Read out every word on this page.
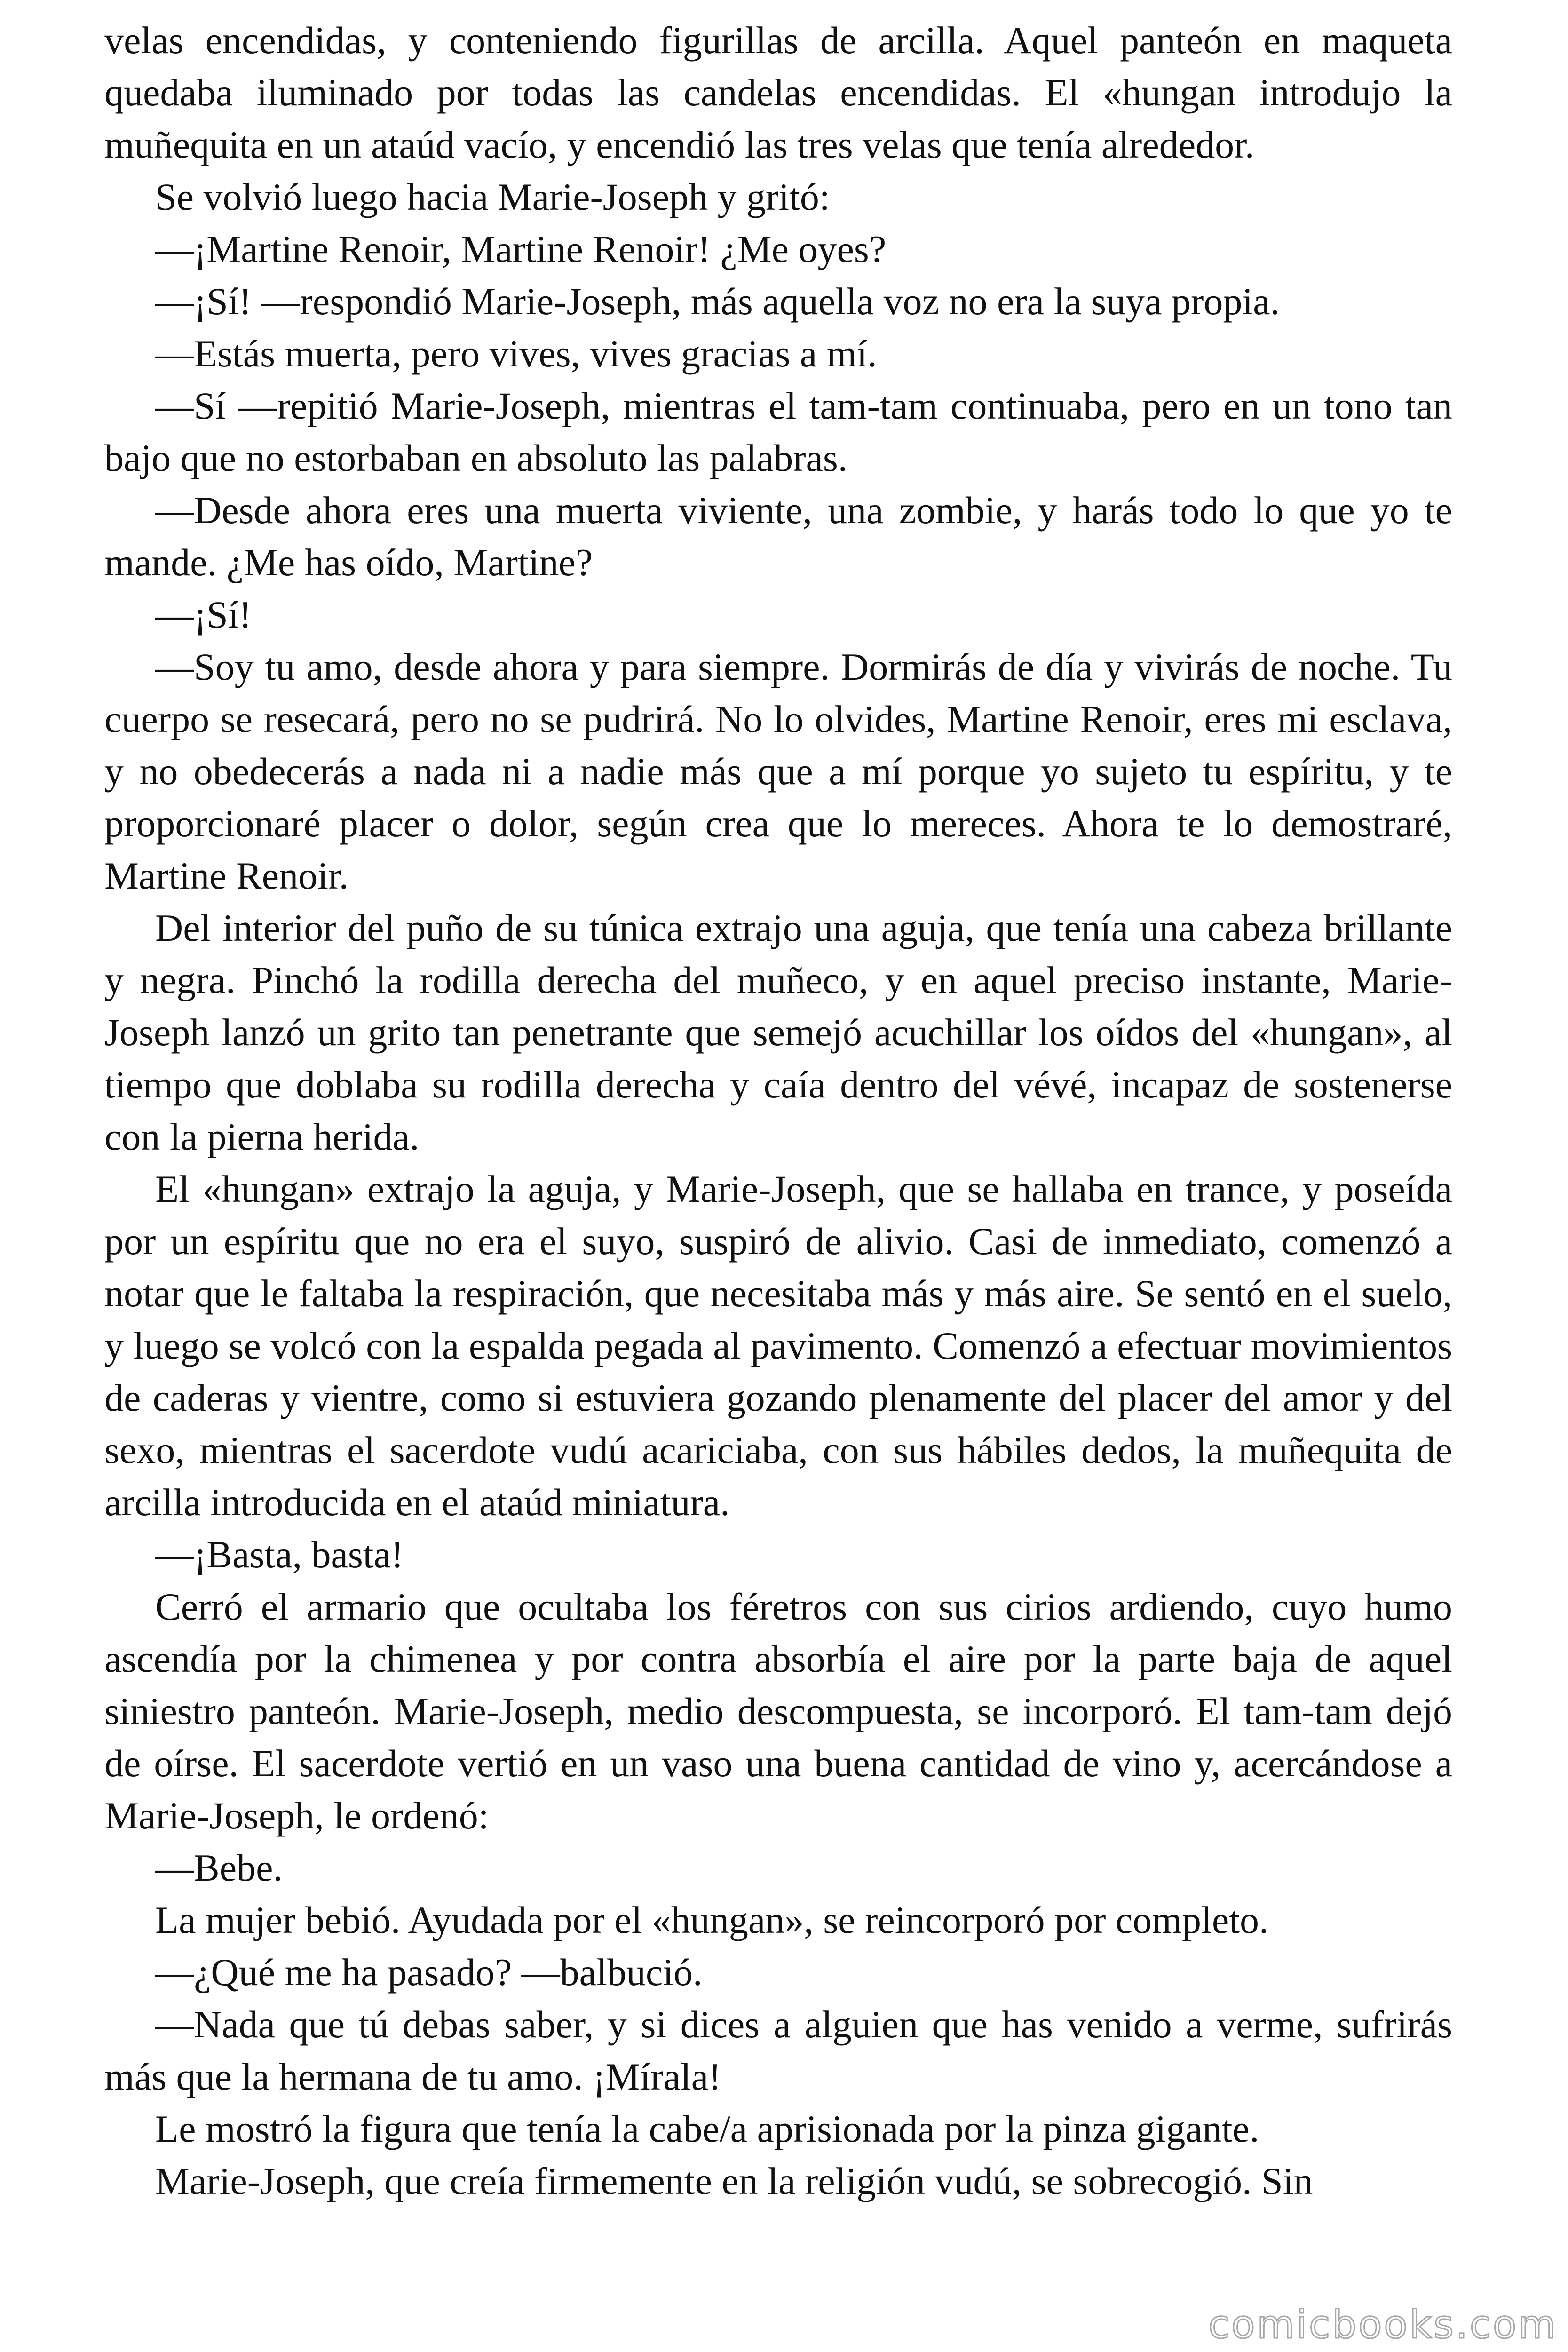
velas encendidas, y conteniendo figurillas de arcilla. Aquel panteón en maqueta quedaba iluminado por todas las candelas encendidas. El «hungan introdujo la muñequita en un ataúd vacío, y encendió las tres velas que tenía alrededor.

Se volvió luego hacia Marie-Joseph y gritó:

—¡Martine Renoir, Martine Renoir! ¿Me oyes?

—¡Sí! —respondió Marie-Joseph, más aquella voz no era la suya propia.

—Estás muerta, pero vives, vives gracias a mí.

—Sí —repitió Marie-Joseph, mientras el tam-tam continuaba, pero en un tono tan bajo que no estorbaban en absoluto las palabras.

—Desde ahora eres una muerta viviente, una zombie, y harás todo lo que yo te mande. ¿Me has oído, Martine?

—¡Sí!

—Soy tu amo, desde ahora y para siempre. Dormirás de día y vivirás de noche. Tu cuerpo se resecará, pero no se pudrirá. No lo olvides, Martine Renoir, eres mi esclava, y no obedecerás a nada ni a nadie más que a mí porque yo sujeto tu espíritu, y te proporcionaré placer o dolor, según crea que lo mereces. Ahora te lo demostraré, Martine Renoir.

Del interior del puño de su túnica extrajo una aguja, que tenía una cabeza brillante y negra. Pinchó la rodilla derecha del muñeco, y en aquel preciso instante, Marie-Joseph lanzó un grito tan penetrante que semejó acuchillar los oídos del «hungan», al tiempo que doblaba su rodilla derecha y caía dentro del vévé, incapaz de sostenerse con la pierna herida.

El «hungan» extrajo la aguja, y Marie-Joseph, que se hallaba en trance, y poseída por un espíritu que no era el suyo, suspiró de alivio. Casi de inmediato, comenzó a notar que le faltaba la respiración, que necesitaba más y más aire. Se sentó en el suelo, y luego se volcó con la espalda pegada al pavimento. Comenzó a efectuar movimientos de caderas y vientre, como si estuviera gozando plenamente del placer del amor y del sexo, mientras el sacerdote vudú acariciaba, con sus hábiles dedos, la muñequita de arcilla introducida en el ataúd miniatura.

—¡Basta, basta!

Cerró el armario que ocultaba los féretros con sus cirios ardiendo, cuyo humo ascendía por la chimenea y por contra absorbía el aire por la parte baja de aquel siniestro panteón. Marie-Joseph, medio descompuesta, se incorporó. El tam-tam dejó de oírse. El sacerdote vertió en un vaso una buena cantidad de vino y, acercándose a Marie-Joseph, le ordenó:

—Bebe.

La mujer bebió. Ayudada por el «hungan», se reincorporó por completo.

—¿Qué me ha pasado? —balbució.

—Nada que tú debas saber, y si dices a alguien que has venido a verme, sufrirás más que la hermana de tu amo. ¡Mírala!

Le mostró la figura que tenía la cabe/a aprisionada por la pinza gigante.

Marie-Joseph, que creía firmemente en la religión vudú, se sobrecogió. Sin

comicbooks.com
